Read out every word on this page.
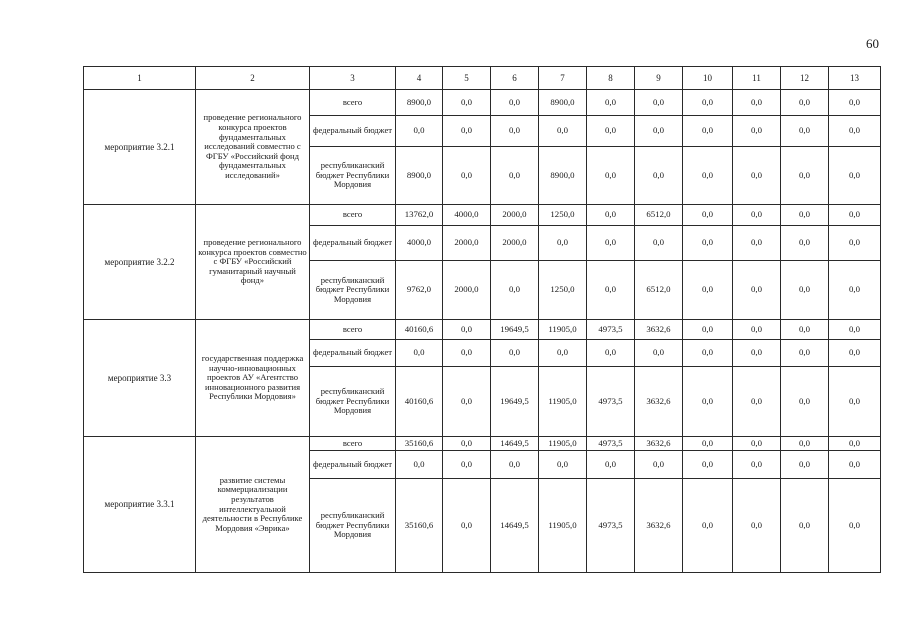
60
1	2	3	4	5	6	7	8	9	10	11	12	13
мероприятие 3.2.1	проведение регионального конкурса проектов фундаментальных исследований совместно с ФГБУ «Российский фонд фундаментальных исследований»	всего	8900,0	0,0	0,0	8900,0	0,0	0,0	0,0	0,0	0,0	0,0
		федеральный бюджет	0,0	0,0	0,0	0,0	0,0	0,0	0,0	0,0	0,0	0,0
		республиканский бюджет Республики Мордовия	8900,0	0,0	0,0	8900,0	0,0	0,0	0,0	0,0	0,0	0,0
мероприятие 3.2.2	проведение регионального конкурса проектов совместно с ФГБУ «Российский гуманитарный научный фонд»	всего	13762,0	4000,0	2000,0	1250,0	0,0	6512,0	0,0	0,0	0,0	0,0
		федеральный бюджет	4000,0	2000,0	2000,0	0,0	0,0	0,0	0,0	0,0	0,0	0,0
		республиканский бюджет Республики Мордовия	9762,0	2000,0	0,0	1250,0	0,0	6512,0	0,0	0,0	0,0	0,0
мероприятие 3.3	государственная поддержка научно-инновационных проектов АУ «Агентство инновационного развития Республики Мордовия»	всего	40160,6	0,0	19649,5	11905,0	4973,5	3632,6	0,0	0,0	0,0	0,0
		федеральный бюджет	0,0	0,0	0,0	0,0	0,0	0,0	0,0	0,0	0,0	0,0
		республиканский бюджет Республики Мордовия	40160,6	0,0	19649,5	11905,0	4973,5	3632,6	0,0	0,0	0,0	0,0
мероприятие 3.3.1	развитие системы коммерциализации результатов интеллектуальной деятельности в Республике Мордовия «Эврика»	всего	35160,6	0,0	14649,5	11905,0	4973,5	3632,6	0,0	0,0	0,0	0,0
		федеральный бюджет	0,0	0,0	0,0	0,0	0,0	0,0	0,0	0,0	0,0	0,0
		республиканский бюджет Республики Мордовия	35160,6	0,0	14649,5	11905,0	4973,5	3632,6	0,0	0,0	0,0	0,0
